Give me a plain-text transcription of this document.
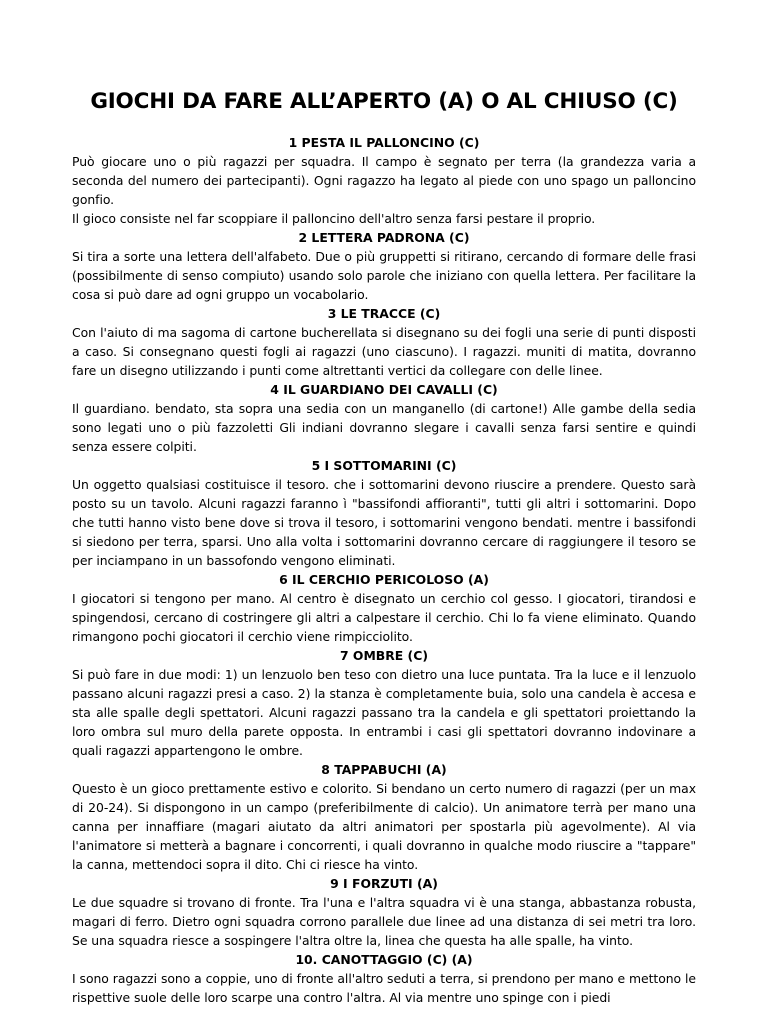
GIOCHI DA FARE ALL’APERTO (A) O AL CHIUSO (C)
1 PESTA IL PALLONCINO (C)

Può giocare uno o più ragazzi per squadra. Il campo è segnato per terra (la grandezza varia a seconda del numero dei partecipanti). Ogni ragazzo ha legato al piede con uno spago un palloncino gonfio.

Il gioco consiste nel far scoppiare il palloncino dell'altro senza farsi pestare il proprio.

2 LETTERA PADRONA (C)

Si tira a sorte una lettera dell'alfabeto. Due o più gruppetti si ritirano, cercando di formare delle frasi (possibilmente di senso compiuto) usando solo parole che iniziano con quella lettera. Per facilitare la cosa si può dare ad ogni gruppo un vocabolario.

3 LE TRACCE (C)

Con l'aiuto di ma sagoma di cartone bucherellata si disegnano su dei fogli una serie di punti disposti a caso. Si consegnano questi fogli ai ragazzi (uno ciascuno). I ragazzi. muniti di matita, dovranno fare un disegno utilizzando i punti come altrettanti vertici da collegare con delle linee.

4 IL GUARDIANO DEI CAVALLI (C)

Il guardiano. bendato, sta sopra una sedia con un manganello (di cartone!) Alle gambe della sedia sono legati uno o più fazzoletti Gli indiani dovranno slegare i cavalli senza farsi sentire e quindi senza essere colpiti.

5 I SOTTOMARINI (C)

Un oggetto qualsiasi costituisce il tesoro. che i sottomarini devono riuscire a prendere. Questo sarà posto su un tavolo. Alcuni ragazzi faranno ì "bassifondi affioranti", tutti gli altri i sottomarini. Dopo che tutti hanno visto bene dove si trova il tesoro, i sottomarini vengono bendati. mentre i bassifondi si siedono per terra, sparsi. Uno alla volta i sottomarini dovranno cercare di raggiungere il tesoro se per inciampano in un bassofondo vengono eliminati.

6 IL CERCHIO PERICOLOSO (A)

I giocatori si tengono per mano. Al centro è disegnato un cerchio col gesso. I giocatori, tirandosi e spingendosi, cercano di costringere gli altri a calpestare il cerchio. Chi lo fa viene eliminato. Quando rimangono pochi giocatori il cerchio viene rimpicciolito.

7 OMBRE (C)

Si può fare in due modi: 1) un lenzuolo ben teso con dietro una luce puntata. Tra la luce e il lenzuolo passano alcuni ragazzi presi a caso. 2) la stanza è completamente buia, solo una candela è accesa e sta alle spalle degli spettatori. Alcuni ragazzi passano tra la candela e gli spettatori proiettando la loro ombra sul muro della parete opposta. In entrambi i casi gli spettatori dovranno indovinare a quali ragazzi appartengono le ombre.

8 TAPPABUCHI (A)

Questo è un gioco prettamente estivo e colorito. Si bendano un certo numero di ragazzi (per un max di 20-24). Si dispongono in un campo (preferibilmente di calcio). Un animatore terrà per mano una canna per innaffiare (magari aiutato da altri animatori per spostarla più agevolmente). Al via l'animatore si metterà a bagnare i concorrenti, i quali dovranno in qualche modo riuscire a "tappare" la canna, mettendoci sopra il dito. Chi ci riesce ha vinto.

9 I FORZUTI (A)

Le due squadre si trovano di fronte. Tra l'una e l'altra squadra vi è una stanga, abbastanza robusta, magari di ferro. Dietro ogni squadra corrono parallele due linee ad una distanza di sei metri tra loro. Se una squadra riesce a sospingere l'altra oltre la, linea che questa ha alle spalle, ha vinto.

10. CANOTTAGGIO (C) (A)

I sono ragazzi sono a coppie, uno di fronte all'altro seduti a terra, si prendono per mano e mettono le rispettive suole delle loro scarpe una contro l'altra. Al via mentre uno spinge con i piedi
